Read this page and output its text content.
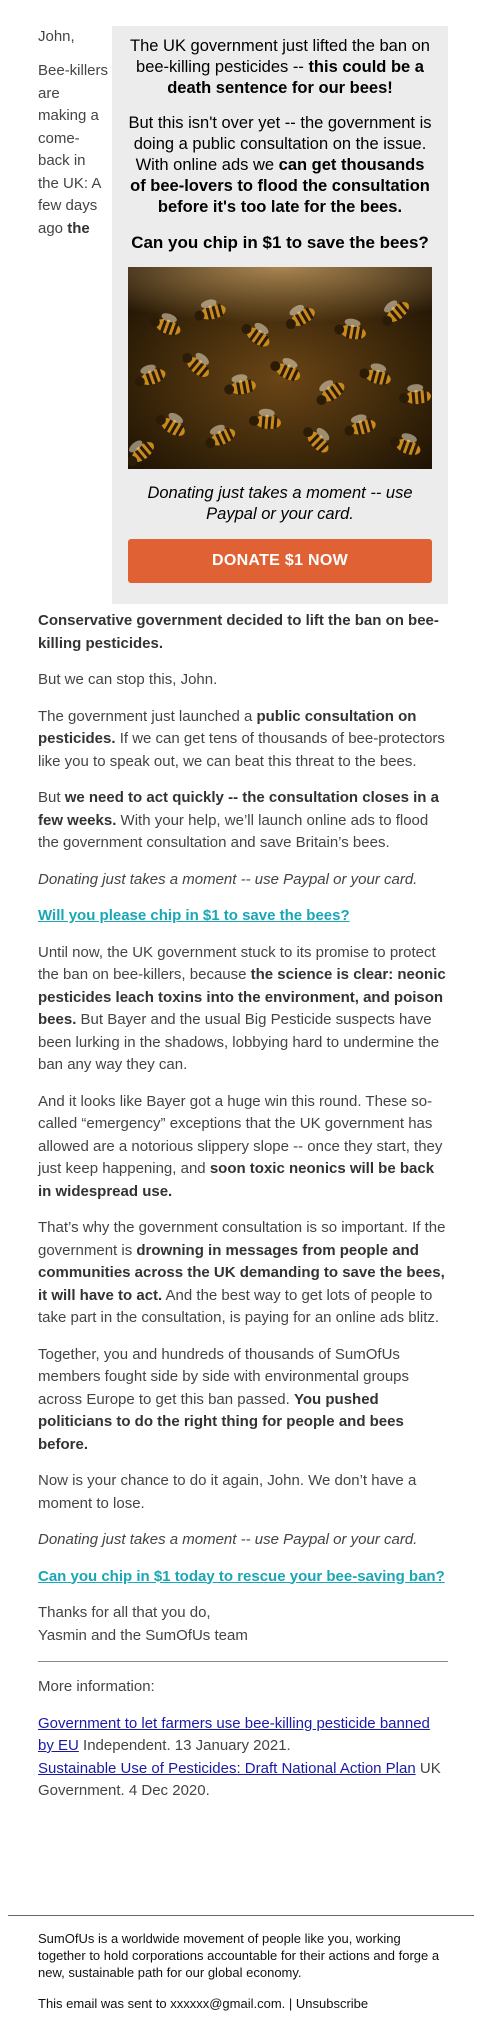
John,

Bee-killers
are
making a
come-
back in
the UK: A
few days
ago the

The UK government just lifted the ban on bee-killing pesticides -- this could be a death sentence for our bees!

But this isn't over yet -- the government is doing a public consultation on the issue. With online ads we can get thousands of bee-lovers to flood the consultation before it's too late for the bees.

Can you chip in $1 to save the bees?

Donating just takes a moment -- use Paypal or your card.

DONATE $1 NOW

Conservative government decided to lift the ban on bee-killing pesticides.

But we can stop this, John.

The government just launched a public consultation on pesticides. If we can get tens of thousands of bee-protectors like you to speak out, we can beat this threat to the bees.

But we need to act quickly -- the consultation closes in a few weeks. With your help, we’ll launch online ads to flood the government consultation and save Britain’s bees.

Donating just takes a moment -- use Paypal or your card.

Will you please chip in $1 to save the bees?

Until now, the UK government stuck to its promise to protect the ban on bee-killers, because the science is clear: neonic pesticides leach toxins into the environment, and poison bees. But Bayer and the usual Big Pesticide suspects have been lurking in the shadows, lobbying hard to undermine the ban any way they can.

And it looks like Bayer got a huge win this round. These so-called “emergency” exceptions that the UK government has allowed are a notorious slippery slope -- once they start, they just keep happening, and soon toxic neonics will be back in widespread use.

That’s why the government consultation is so important. If the government is drowning in messages from people and communities across the UK demanding to save the bees, it will have to act. And the best way to get lots of people to take part in the consultation, is paying for an online ads blitz.

Together, you and hundreds of thousands of SumOfUs members fought side by side with environmental groups across Europe to get this ban passed. You pushed politicians to do the right thing for people and bees before.

Now is your chance to do it again, John. We don’t have a moment to lose.

Donating just takes a moment -- use Paypal or your card.

Can you chip in $1 today to rescue your bee-saving ban?

Thanks for all that you do,
Yasmin and the SumOfUs team

More information:

Government to let farmers use bee-killing pesticide banned by EU Independent. 13 January 2021.
Sustainable Use of Pesticides: Draft National Action Plan UK Government. 4 Dec 2020.

SumOfUs is a worldwide movement of people like you, working together to hold corporations accountable for their actions and forge a new, sustainable path for our global economy.

This email was sent to xxxxxx@gmail.com. | Unsubscribe
